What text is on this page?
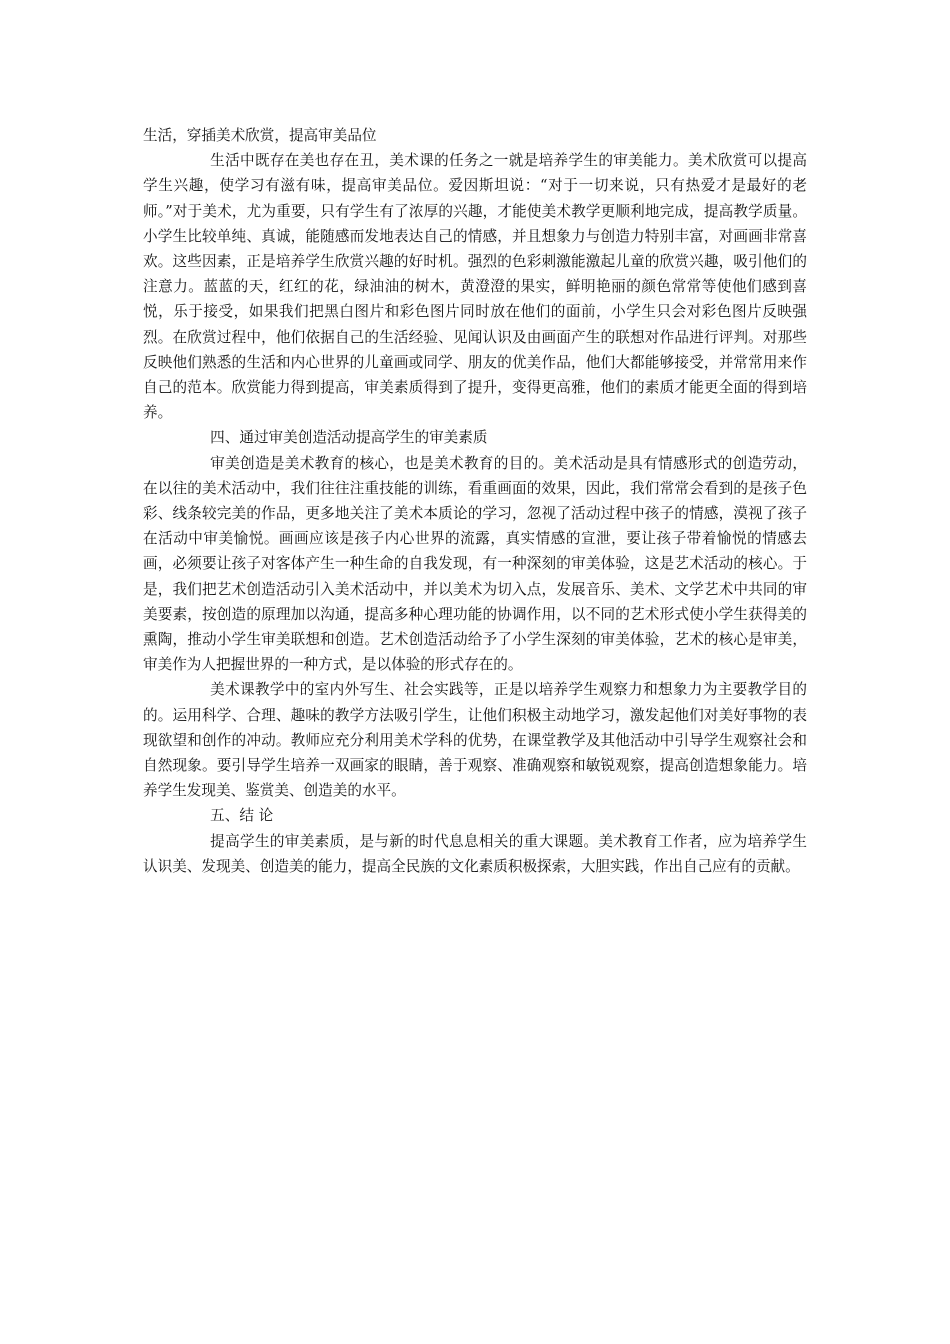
生活，穿插美术欣赏，提高审美品位

生活中既存在美也存在丑，美术课的任务之一就是培养学生的审美能力。美术欣赏可以提高学生兴趣，使学习有滋有味，提高审美品位。爱因斯坦说：“对于一切来说，只有热爱才是最好的老师。”对于美术，尤为重要，只有学生有了浓厚的兴趣，才能使美术教学更顺利地完成，提高教学质量。小学生比较单纯、真诚，能随感而发地表达自己的情感，并且想象力与创造力特别丰富，对画画非常喜欢。这些因素，正是培养学生欣赏兴趣的好时机。强烈的色彩刺激能激起儿童的欣赏兴趣，吸引他们的注意力。蓝蓝的天，红红的花，绿油油的树木，黄澄澄的果实，鲜明艳丽的颜色常常等使他们感到喜悦，乐于接受，如果我们把黑白图片和彩色图片同时放在他们的面前，小学生只会对彩色图片反映强烈。在欣赏过程中，他们依据自己的生活经验、见闻认识及由画面产生的联想对作品进行评判。对那些反映他们熟悉的生活和内心世界的儿童画或同学、朋友的优美作品，他们大都能够接受，并常常用来作自己的范本。欣赏能力得到提高，审美素质得到了提升，变得更高雅，他们的素质才能更全面的得到培养。

四、通过审美创造活动提高学生的审美素质

审美创造是美术教育的核心，也是美术教育的目的。美术活动是具有情感形式的创造劳动，在以往的美术活动中，我们往往注重技能的训练，看重画面的效果，因此，我们常常会看到的是孩子色彩、线条较完美的作品，更多地关注了美术本质论的学习，忽视了活动过程中孩子的情感，漠视了孩子在活动中审美愉悦。画画应该是孩子内心世界的流露，真实情感的宣泄，要让孩子带着愉悦的情感去画，必须要让孩子对客体产生一种生命的自我发现，有一种深刻的审美体验，这是艺术活动的核心。于是，我们把艺术创造活动引入美术活动中，并以美术为切入点，发展音乐、美术、文学艺术中共同的审美要素，按创造的原理加以沟通，提高多种心理功能的协调作用，以不同的艺术形式使小学生获得美的熏陶，推动小学生审美联想和创造。艺术创造活动给予了小学生深刻的审美体验，艺术的核心是审美，审美作为人把握世界的一种方式，是以体验的形式存在的。

美术课教学中的室内外写生、社会实践等，正是以培养学生观察力和想象力为主要教学目的的。运用科学、合理、趣味的教学方法吸引学生，让他们积极主动地学习，激发起他们对美好事物的表现欲望和创作的冲动。教师应充分利用美术学科的优势，在课堂教学及其他活动中引导学生观察社会和自然现象。要引导学生培养一双画家的眼睛，善于观察、准确观察和敏锐观察，提高创造想象能力。培养学生发现美、鉴赏美、创造美的水平。

五、结 论

提高学生的审美素质，是与新的时代息息相关的重大课题。美术教育工作者，应为培养学生认识美、发现美、创造美的能力，提高全民族的文化素质积极探索，大胆实践，作出自己应有的贡献。
